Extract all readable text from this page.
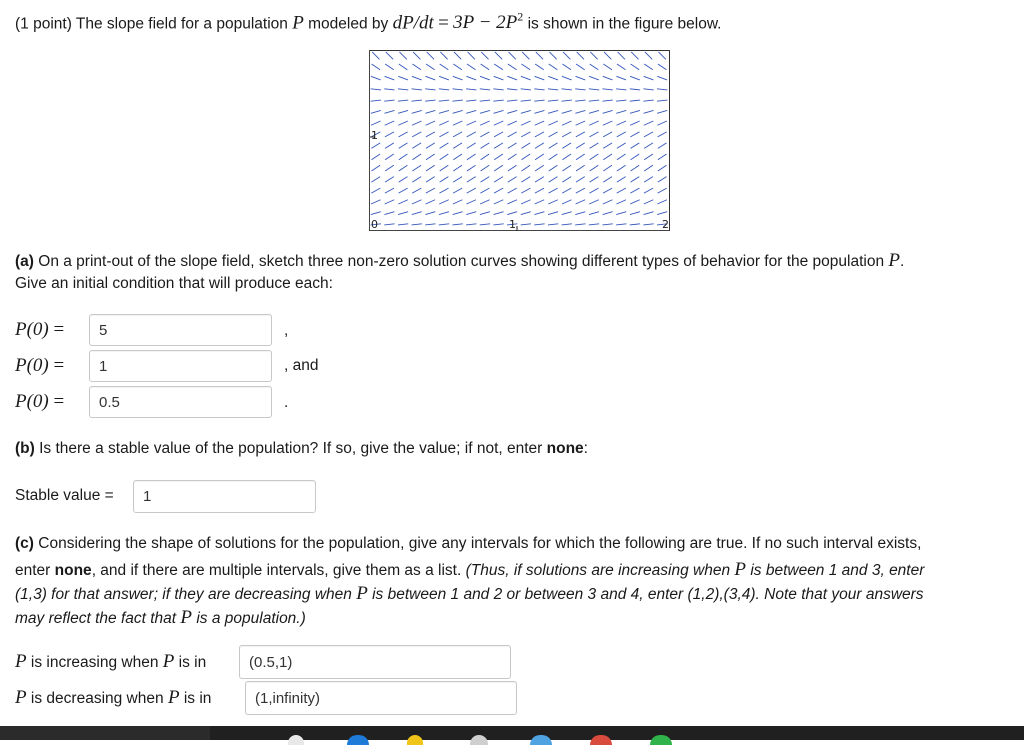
(1 point) The slope field for a population P modeled by $dP/dt = 3P - 2P^2$ is shown in the figure below.
0	1	2
1
(a) On a print-out of the slope field, sketch three non-zero solution curves showing different types of behavior for the population P.
Give an initial condition that will produce each:
P(0) =
5	,
P(0) =
1	, and
P(0) =
0.5	.
(b) Is there a stable value of the population? If so, give the value; if not, enter none:
Stable value =
1
(c) Considering the shape of solutions for the population, give any intervals for which the following are true. If no such interval exists,
enter none, and if there are multiple intervals, give them as a list. (Thus, if solutions are increasing when P is between 1 and 3, enter
(1,3) for that answer; if they are decreasing when P is between 1 and 2 or between 3 and 4, enter (1,2),(3,4). Note that your answers
may reflect the fact that P is a population.)
P is increasing when P is in
(0.5,1)
P is decreasing when P is in
(1,infinity)
